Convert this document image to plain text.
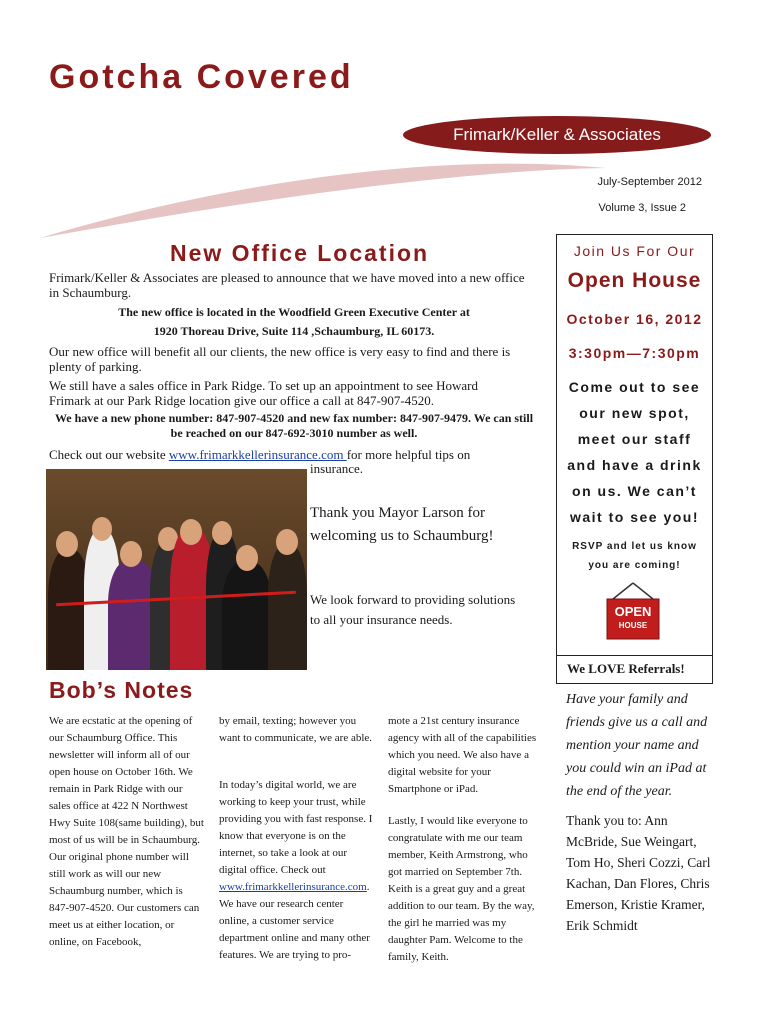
Gotcha Covered
Frimark/Keller & Associates
July-September 2012
Volume 3, Issue 2
New Office Location
Frimark/Keller & Associates are pleased to announce that we have moved into a new office in Schaumburg.
The new office is located in the Woodfield Green Executive Center at
1920 Thoreau Drive, Suite 114 ,Schaumburg, IL 60173.
Our new office will benefit all our clients, the new office is very easy to find and there is plenty of parking.
We still have a sales office in Park Ridge. To set up an appointment to see Howard Frimark at our Park Ridge location give our office a call at 847-907-4520.
We have a new phone number: 847-907-4520 and new fax number: 847-907-9479. We can still be reached on our 847-692-3010 number as well.
Check out our website www.frimarkkellerinsurance.com for more helpful tips on
insurance.
Thank you Mayor Larson for welcoming us to Schaumburg!
We look forward to providing solutions to all your insurance needs.
Join Us For Our
Open House
October 16, 2012
3:30pm—7:30pm
Come out to see
our new spot,
meet our staff
and have a drink
on us. We can’t
wait to see you!
RSVP and let us know
you are coming!
OPEN
HOUSE
We LOVE Referrals!
Have your family and friends give us a call and mention your name and you could win an iPad at the end of the year.
Thank you to: Ann McBride, Sue Weingart, Tom Ho, Sheri Cozzi, Carl Kachan, Dan Flores, Chris Emerson, Kristie Kramer, Erik Schmidt
Bob’s Notes
We are ecstatic at the opening of our Schaumburg Office. This newsletter will inform all of our open house on October 16th. We remain in Park Ridge with our sales office at 422 N Northwest Hwy Suite 108(same building), but most of us will be in Schaumburg. Our original phone number will still work as will our new Schaumburg number, which is 847-907-4520. Our customers can meet us at either location, or online, on Facebook,
by email, texting; however you want to communicate, we are able.
In today’s digital world, we are working to keep your trust, while providing you with fast response. I know that everyone is on the internet, so take a look at our digital office. Check out
www.frimarkkellerinsurance.com. We have our research center online, a customer service department online and many other features. We are trying to pro-
mote a 21st century insurance agency with all of the capabilities which you need. We also have a digital website for your Smartphone or iPad.
Lastly, I would like everyone to congratulate with me our team member, Keith Armstrong, who got married on September 7th. Keith is a great guy and a great addition to our team. By the way, the girl he married was my daughter Pam. Welcome to the family, Keith.
